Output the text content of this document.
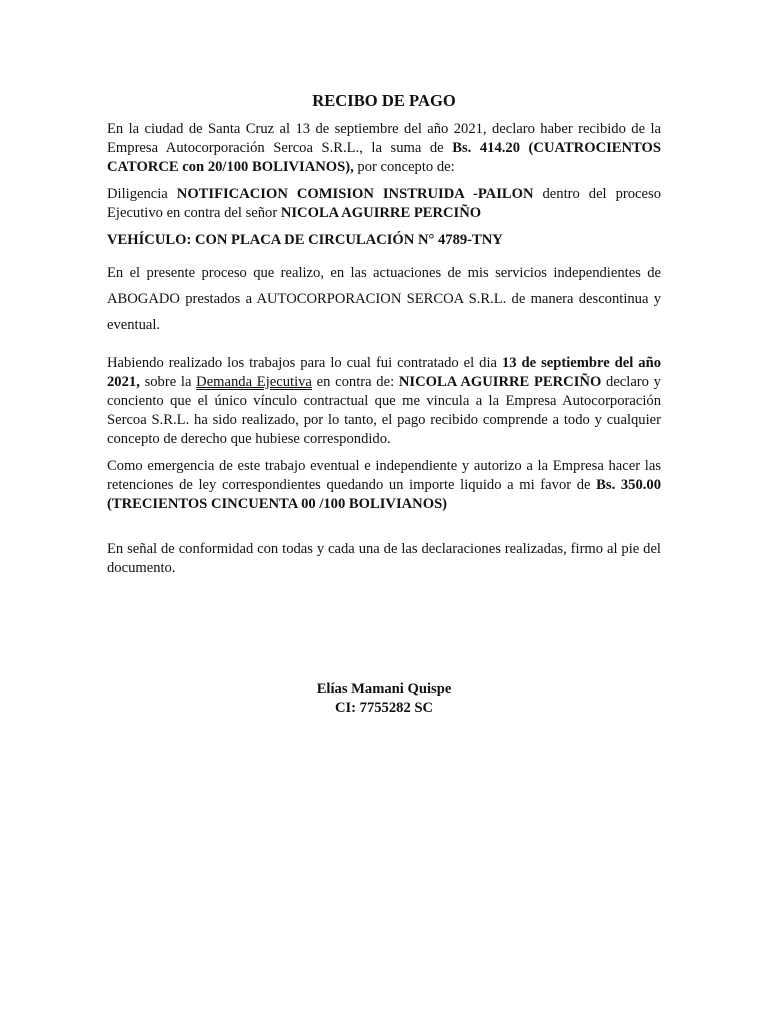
RECIBO DE PAGO

En la ciudad de Santa Cruz al 13 de septiembre del año 2021, declaro haber recibido de la Empresa Autocorporación Sercoa S.R.L., la suma de Bs. 414.20 (CUATROCIENTOS CATORCE con 20/100 BOLIVIANOS), por concepto de:

Diligencia NOTIFICACION COMISION INSTRUIDA -PAILON dentro del proceso Ejecutivo en contra del señor NICOLA AGUIRRE PERCIÑO

VEHÍCULO: CON PLACA DE CIRCULACIÓN N° 4789-TNY

En el presente proceso que realizo, en las actuaciones de mis servicios independientes de ABOGADO prestados a AUTOCORPORACION SERCOA S.R.L. de manera descontinua y eventual.

Habiendo realizado los trabajos para lo cual fui contratado el dia 13 de septiembre del año 2021, sobre la Demanda Ejecutiva en contra de: NICOLA AGUIRRE PERCIÑO declaro y conciento que el único vínculo contractual que me vincula a la Empresa Autocorporación Sercoa S.R.L. ha sido realizado, por lo tanto, el pago recibido comprende a todo y cualquier concepto de derecho que hubiese correspondido.

Como emergencia de este trabajo eventual e independiente y autorizo a la Empresa hacer las retenciones de ley correspondientes quedando un importe liquido a mi favor de Bs. 350.00 (TRECIENTOS CINCUENTA 00 /100 BOLIVIANOS)

En señal de conformidad con todas y cada una de las declaraciones realizadas, firmo al pie del documento.

Elías Mamani Quispe
CI: 7755282 SC
